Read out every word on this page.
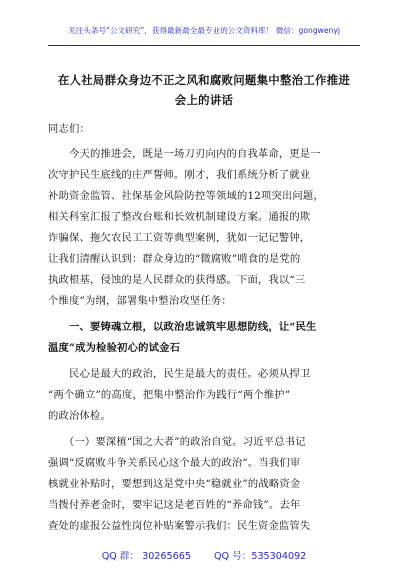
关注头条号“公文研究”，获得最新最全最专业的公文资料库！ 微信：gongwenyj
在人社局群众身边不正之风和腐败问题集中整治工作推进
会上的讲话
同志们：
　　今天的推进会，既是一场刀刃向内的自我革命，更是一
次守护民生底线的庄严誓师。刚才，我们系统分析了就业
补助资金监管、社保基金风险防控等领域的12项突出问题，
相关科室汇报了整改台账和长效机制建设方案。通报的欺
诈骗保、拖欠农民工工资等典型案例，犹如一记记警钟，
让我们清醒认识到：群众身边的“微腐败”啃食的是党的
执政根基，侵蚀的是人民群众的获得感。下面，我以“三
个维度”为纲，部署集中整治攻坚任务：
　　一、要铸魂立根，以政治忠诚筑牢思想防线，让“民生
温度”成为检验初心的试金石
　　民心是最大的政治，民生是最大的责任。必须从捍卫
“两个确立”的高度，把集中整治作为践行“两个维护”
的政治体检。
　　（一）要深植“国之大者”的政治自觉。习近平总书记
强调“反腐败斗争关系民心这个最大的政治”。当我们审
核就业补贴时，要想到这是党中央“稳就业”的战略资金
当拨付养老金时，要牢记这是老百姓的“养命钱”。去年
查处的虚报公益性岗位补贴案警示我们：民生资金监管失
QQ 群： 30265665 QQ 号：535304092
